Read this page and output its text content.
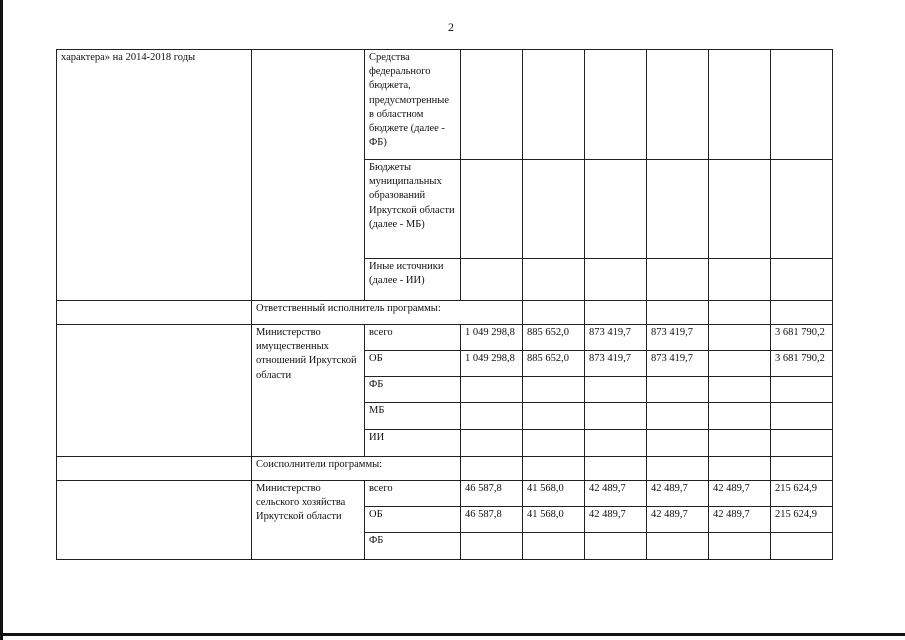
2
характера» на 2014-2018 годы		Средства федерального бюджета, предусмотренные в областном бюджете (далее - ФБ)						
		Бюджеты муниципальных образований Иркутской области (далее - МБ)						
		Иные источники (далее - ИИ)						
	Ответственный исполнитель программы:							
	Министерство имущественных отношений Иркутской области	всего	1 049 298,8	885 652,0	873 419,7	873 419,7		3 681 790,2
		ОБ	1 049 298,8	885 652,0	873 419,7	873 419,7		3 681 790,2
		ФБ						
		МБ						
		ИИ						
	Соисполнители программы:							
	Министерство сельского хозяйства Иркутской области	всего	46 587,8	41 568,0	42 489,7	42 489,7	42 489,7	215 624,9
		ОБ	46 587,8	41 568,0	42 489,7	42 489,7	42 489,7	215 624,9
		ФБ						
